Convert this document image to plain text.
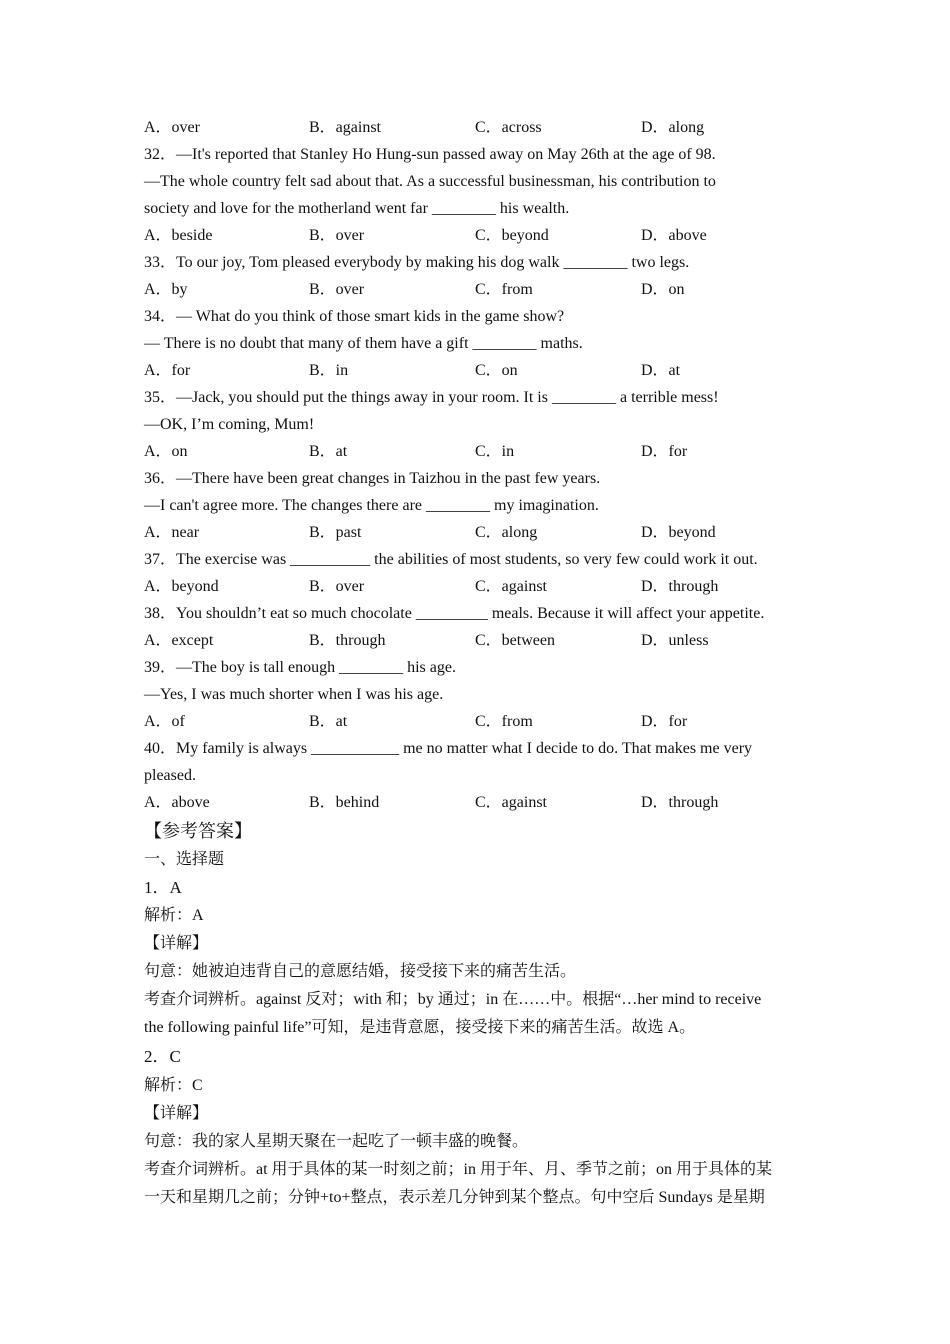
A．over	B．against	C．across	D．along
32．—It's reported that Stanley Ho Hung-sun passed away on May 26th at the age of 98.
—The whole country felt sad about that. As a successful businessman, his contribution to
society and love for the motherland went far ________ his wealth.
A．beside	B．over	C．beyond	D．above
33．To our joy, Tom pleased everybody by making his dog walk ________ two legs.
A．by	B．over	C．from	D．on
34．— What do you think of those smart kids in the game show?
— There is no doubt that many of them have a gift ________ maths.
A．for	B．in	C．on	D．at
35．—Jack, you should put the things away in your room. It is ________ a terrible mess!
—OK, I’m coming, Mum!
A．on	B．at	C．in	D．for
36．—There have been great changes in Taizhou in the past few years.
—I can't agree more. The changes there are ________ my imagination.
A．near	B．past	C．along	D．beyond
37．The exercise was __________ the abilities of most students, so very few could work it out.
A．beyond	B．over	C．against	D．through
38．You shouldn’t eat so much chocolate _________ meals. Because it will affect your appetite.
A．except	B．through	C．between	D．unless
39．—The boy is tall enough ________ his age.
—Yes, I was much shorter when I was his age.
A．of	B．at	C．from	D．for
40．My family is always ___________ me no matter what I decide to do. That makes me very
pleased.
A．above	B．behind	C．against	D．through
【参考答案】
一、选择题
1．A
解析：A
【详解】
句意：她被迫违背自己的意愿结婚，接受接下来的痛苦生活。
考查介词辨析。against 反对；with 和；by 通过；in 在……中。根据“…her mind to receive
the following painful life”可知，是违背意愿，接受接下来的痛苦生活。故选 A。
2．C
解析：C
【详解】
句意：我的家人星期天聚在一起吃了一顿丰盛的晚餐。
考查介词辨析。at 用于具体的某一时刻之前；in 用于年、月、季节之前；on 用于具体的某
一天和星期几之前；分钟+to+整点，表示差几分钟到某个整点。句中空后 Sundays 是星期
